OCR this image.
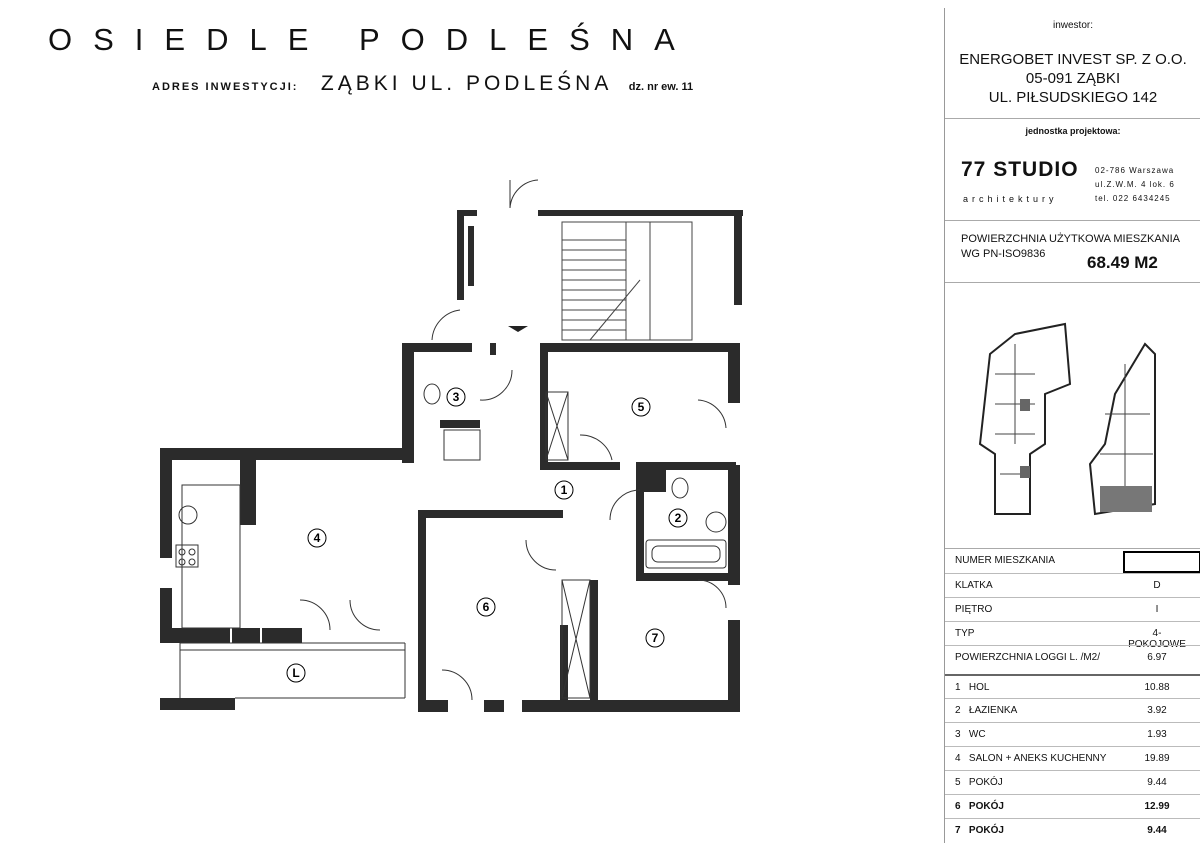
OSIEDLE PODLEŚNA
ADRES INWESTYCJI: ZĄBKI UL. PODLEŚNA dz. nr ew. 11
3
5
1
2
4
6
7
L
inwestor:
ENERGOBET INVEST SP. Z O.O.
05-091 ZĄBKI
UL. PIŁSUDSKIEGO 142
jednostka projektowa:
77 STUDIO
architektury
02-786 Warszawa
ul.Z.W.M. 4 lok. 6
tel. 022 6434245
POWIERZCHNIA UŻYTKOWA MIESZKANIA
WG PN-ISO9836	68.49 M2
NUMER MIESZKANIA
KLATKA	D
PIĘTRO	I
TYP	4-POKOJOWE
POWIERZCHNIA LOGGI L. /M2/	6.97
1 HOL	10.88
2 ŁAZIENKA	3.92
3 WC	1.93
4 SALON + ANEKS KUCHENNY	19.89
5 POKÓJ	9.44
6 POKÓJ	12.99
7 POKÓJ	9.44
